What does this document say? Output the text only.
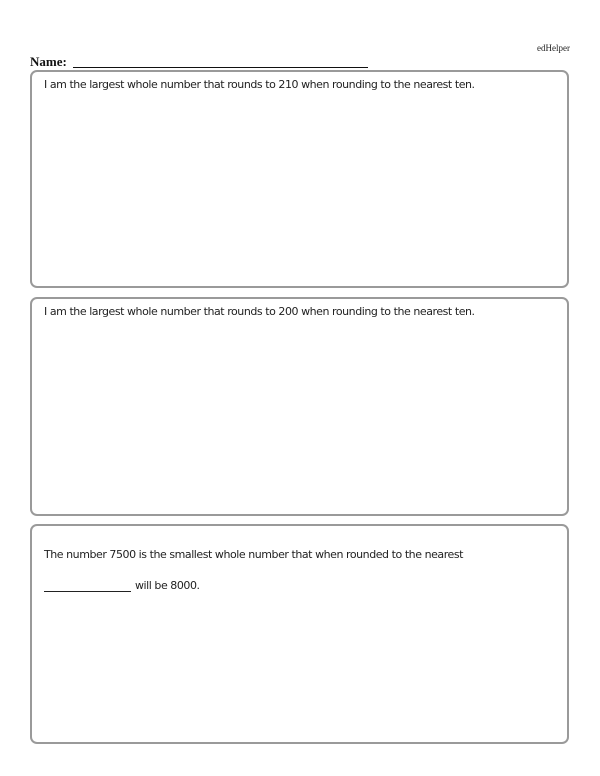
edHelper
Name:
I am the largest whole number that rounds to 210 when rounding to the nearest ten.
I am the largest whole number that rounds to 200 when rounding to the nearest ten.
The number 7500 is the smallest whole number that when rounded to the nearest
will be 8000.
